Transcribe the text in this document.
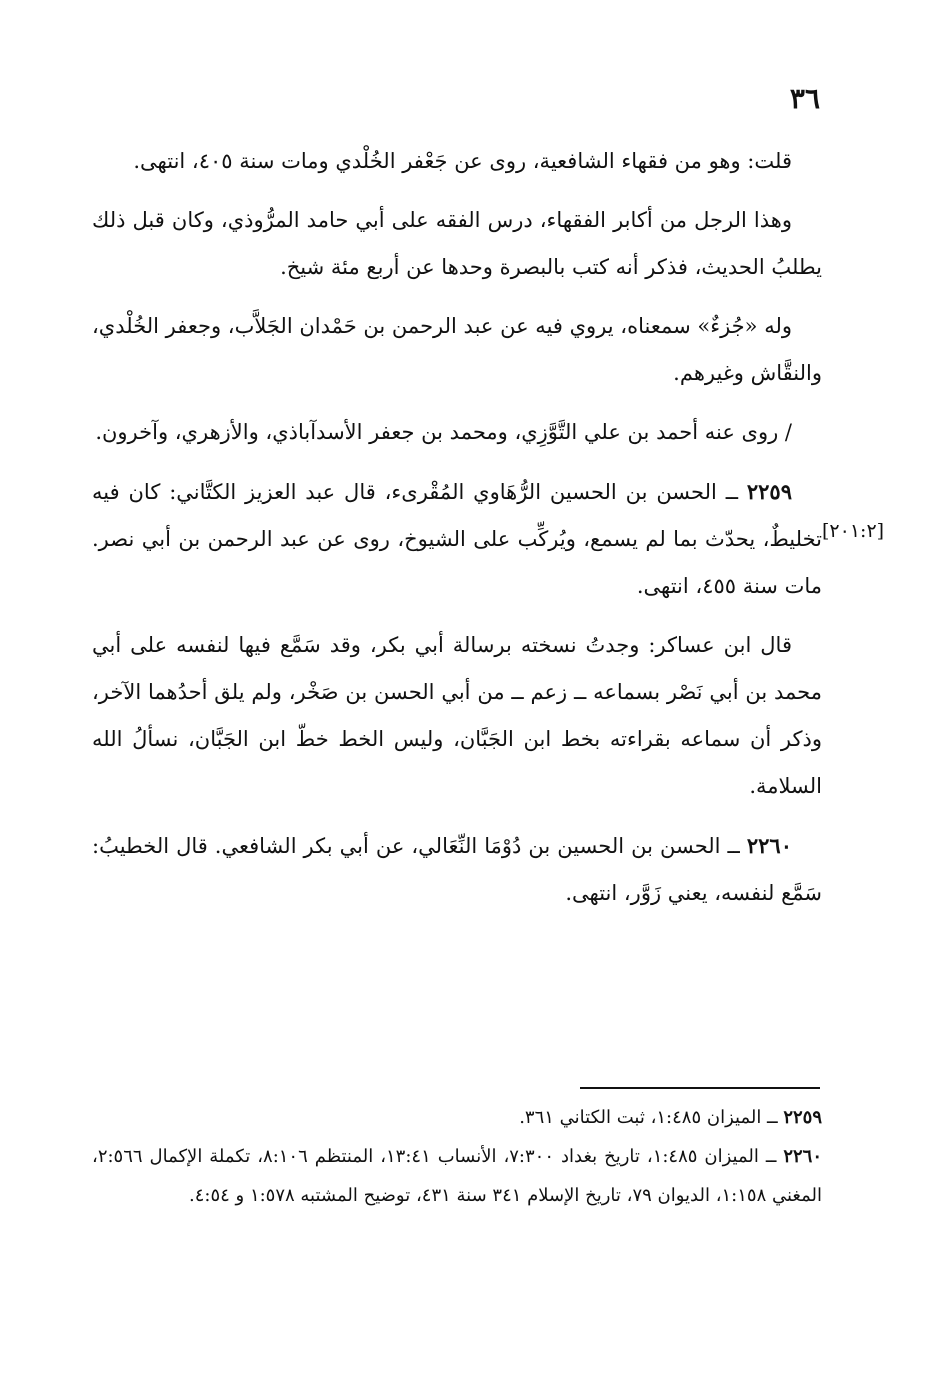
٣٦
[٢٠١:٢]

قلت: وهو من فقهاء الشافعية، روى عن جَعْفر الخُلْدي ومات سنة ٤٠٥، انتهى.

وهذا الرجل من أكابر الفقهاء، درس الفقه على أبي حامد المرُّوذي، وكان قبل ذلك يطلبُ الحديث، فذكر أنه كتب بالبصرة وحدها عن أربع مئة شيخ.

وله «جُزءٌ» سمعناه، يروي فيه عن عبد الرحمن بن حَمْدان الجَلاَّب، وجعفر الخُلْدي، والنقَّاش وغيرهم.

/ روى عنه أحمد بن علي التَّوَّزِي، ومحمد بن جعفر الأسدآباذي، والأزهري، وآخرون.

٢٢٥٩ ــ الحسن بن الحسين الرُّهَاوي المُقْرىء، قال عبد العزيز الكتَّاني: كان فيه تخليطٌ، يحدّث بما لم يسمع، ويُركِّب على الشيوخ، روى عن عبد الرحمن بن أبي نصر. مات سنة ٤٥٥، انتهى.

قال ابن عساكر: وجدتُ نسخته برسالة أبي بكر، وقد سَمَّع فيها لنفسه على أبي محمد بن أبي نَصْر بسماعه ــ زعم ــ من أبي الحسن بن صَخْر، ولم يلق أحدُهما الآخر، وذكر أن سماعه بقراءته بخط ابن الجَبَّان، وليس الخط خطّ ابن الجَبَّان، نسألُ الله السلامة.

٢٢٦٠ ــ الحسن بن الحسين بن دُوْمَا النِّعَالي، عن أبي بكر الشافعي. قال الخطيبُ: سَمَّع لنفسه، يعني زَوَّر، انتهى.

٢٢٥٩ ــ الميزان ١:٤٨٥، ثبت الكتاني ٣٦١.

٢٢٦٠ ــ الميزان ١:٤٨٥، تاريخ بغداد ٧:٣٠٠، الأنساب ١٣:٤١، المنتظم ٨:١٠٦، تكملة الإكمال ٢:٥٦٦، المغني ١:١٥٨، الديوان ٧٩، تاريخ الإسلام ٣٤١ سنة ٤٣١، توضيح المشتبه ١:٥٧٨ و ٤:٥٤.
